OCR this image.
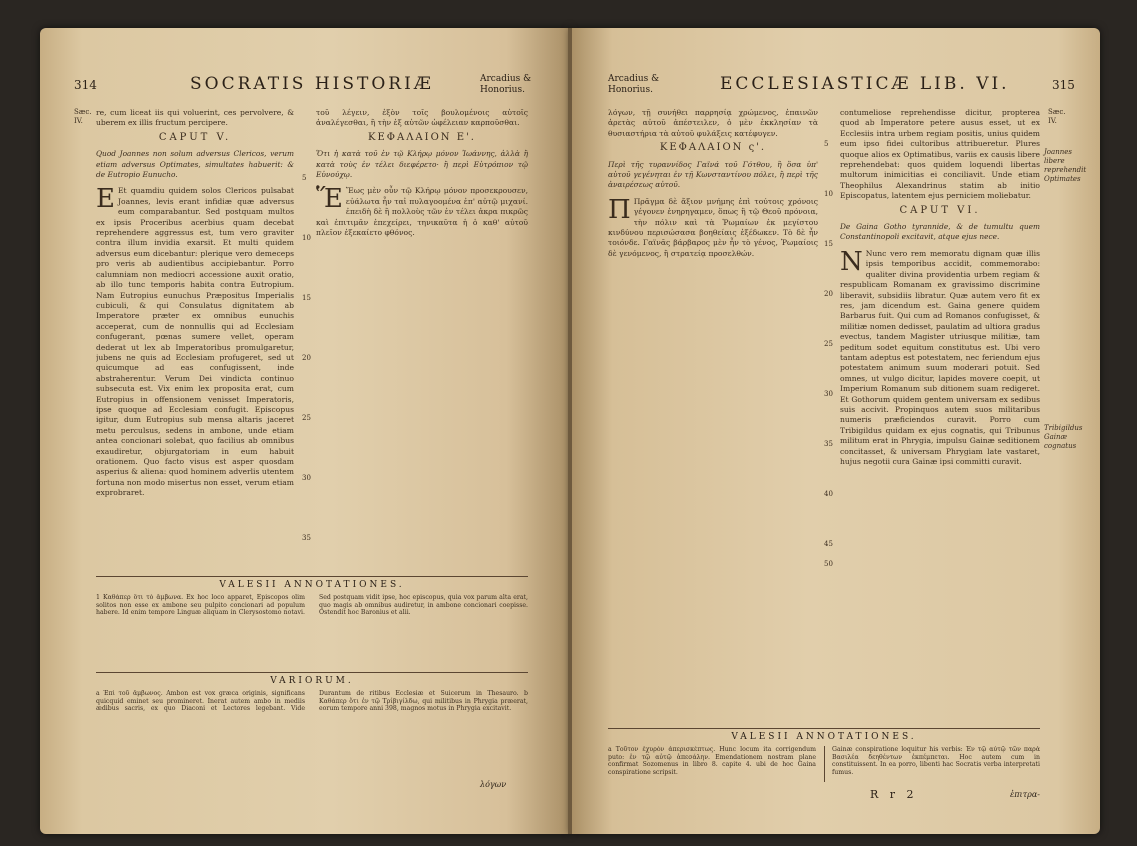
314	SOCRATIS HISTORIÆ	Arcadius & Honorius.
Sæc. IV.

re, cum liceat iis qui voluerint, ces pervolvere, & uberem ex illis fructum percipere.

CAPUT V.
Quod Joannes non solum adversus Clericos, verum etiam adversus Optimates, simultates habuerit: & de Eutropio Eunucho.

E Et quamdiu quidem solos Clericos pulsabat Joannes, levis erant infidiæ quæ adversus eum comparabantur. Sed postquam multos ex ipsis Proceribus acerbius quam decebat reprehendere aggressus est, tum vero graviter contra illum invidia exarsit. Et multi quidem adversus eum dicebantur: plerique vero demeceps pro veris ab audientibus accipiebantur. Porro calumniam non mediocri accessione auxit oratio, ab illo tunc temporis habita contra Eutropium. Nam Eutropius eunuchus Præpositus Imperialis cubiculi, & qui Consulatus dignitatem ab Imperatore præter ex omnibus eunuchis acceperat, cum de nonnullis qui ad Ecclesiam confugerant, pœnas sumere vellet, operam dederat ut lex ab Imperatoribus promulgaretur, jubens ne quis ad Ecclesiam profugeret, sed ut quicumque ad eas confugissent, inde abstraherentur. Verum Dei vindicta continuo subsecuta est. Vix enim lex proposita erat, cum Eutropius in offensionem venisset Imperatoris, ipse quoque ad Ecclesiam confugit. Episcopus igitur, dum Eutropius sub mensa altaris jaceret metu perculsus, sedens in ambone, unde etiam antea concionari solebat, quo facilius ab omnibus exaudiretur, objurgatoriam in eum habuit orationem. Quo facto visus est asper quosdam asperius & aliena: quod hominem adverlis utentem fortuna non modo misertus non esset, verum etiam exprobraret.

τοῦ λέγειν, ἐξὸν τοῖς βουλομένοις αὐτοῖς ἀναλέγεσθαι, ἢ τὴν ἐξ αὐτῶν ὠφέλειαν καρποῦσθαι.

ΚΕΦΑΛΑΙΟΝ Ε'.
Ὅτι ἡ κατὰ τοῦ ἐν τῷ Κλήρῳ μόνον Ἰωάννης, ἀλλὰ ἢ κατὰ τοὺς ἐν τέλει διεφέρετο· ἢ περὶ Εὐτρόπιον τῷ Εὐνούχῳ.

Ἕ Ἕως μὲν οὖν τῷ Κλήρῳ μόνον προσεκρουσεν, εὐάλωτα ἦν ταἰ πυλαγοομένα ἐπ' αὐτῷ μιχανί. ἐπειδὴ δὲ ἢ πολλοὺς τῶν ἐν τέλει ἀκρα πικρῶς καὶ ἐπιτιμᾶν ἐπεχείρει, τηνικαῦτα ἡ ὁ καθ' αὐτοῦ πλεῖον ἐξεκαίετο φθόνος.

5
10
15
20
25
30
35
VALESII ANNOTATIONES.
1 Καθάπερ ὅτι τὸ ἄμβωνα. Ex hoc loco apparet, Episcopos olim solitos non esse ex ambone seu pulpito concionari ad populum habere. Id enim tempore Linguæ aliquam in Clerysostomo notavi. Sed postquam vidit ipse, hoc episcopus, quia vox parum alta erat, quo magis ab omnibus audiretur, in ambone concionari coepisse. Ostendit hoc Baronius et alii.
VARIORUM.
a Ἐπὶ τοῦ ἄμβωνος. Ambon est vox græca originis, significans quicquid eminet seu promineret. Inerat autem ambo in mediis ædibus sacris, ex quo Diaconi et Lectores legebant. Vide Durantum de ritibus Ecclesiæ et Suicerum in Thesauro. b Καθάπερ ὅτι ἐν τῷ Τρίβιγίλδω, qui militibus in Phrygia præerat, eorum tempore anni 398, magnos motus in Phrygia excitavit.
λόγων
Arcadius & Honorius.	ECCLESIASTICÆ LIB. VI.	315
Sæc. IV.

λόγων, τῇ συνήθει παρρησίᾳ χρώμενος, ἐπαινῶν ἀρετὰς αὐτοῦ ἀπέστειλεν, ὁ μὲν ἐκκλησίαν τὰ θυσιαστήρια τὰ αὐτοῦ φυλάξεις κατέφυγεν.

ΚΕΦΑΛΑΙΟΝ ς'.
Περὶ τῆς τυραννίδος Γαϊνά τοῦ Γότθου, ἢ ὅσα ὑπ' αὐτοῦ γεγένηται ἐν τῇ Κωνσταντίνου πόλει, ἢ περὶ τῆς ἀναιρέσεως αὐτοῦ.

Π Πρᾶγμα δὲ ἄξιον μνήμης ἐπὶ τούτοις χρόνοις γέγονεν ἐνηρηγαμεν, ὅπως ἢ τῷ Θεοῦ πρόνοια, τὴν πόλιν καὶ τὰ Ῥωμαίων ἐκ μεγίστου κινδύνου περισώσασα βοηθείαις ἐξέδωκεν. Τὸ δὲ ἦν τοιόνδε. Γαϊνᾶς βάρβαρος μὲν ἦν τὸ γένος, Ῥωμαίοις δὲ γενόμενος, ἢ στρατείᾳ προσελθών.

contumeliose reprehendisse dicitur, propterea quod ab Imperatore petere ausus esset, ut ex Ecclesiis intra urbem regiam positis, unius quidem eum ipso fidei cultoribus attribueretur. Plures quoque alios ex Optimatibus, variis ex causis libere reprehendebat: quos quidem loquendi libertas multorum inimicitias ei conciliavit. Unde etiam Theophilus Alexandrinus statim ab initio Episcopatus, latentem ejus perniciem moliebatur.

CAPUT VI.
De Gaina Gotho tyrannide, & de tumultu quem Constantinopoli excitavit, atque ejus nece.

N Nunc vero rem memoratu dignam quæ illis ipsis temporibus accidit, commemorabo: qualiter divina providentia urbem regiam & respublicam Romanam ex gravissimo discrimine liberavit, subsidiis libratur. Quæ autem vero fit ex res, jam dicendum est. Gaina genere quidem Barbarus fuit. Qui cum ad Romanos confugisset, & militiæ nomen dedisset, paulatim ad ultiora gradus evectus, tandem Magister utriusque militiæ, tam peditum sodet equitum constitutus est. Ubi vero tantam adeptus est potestatem, nec feriendum ejus potestatem animum suum moderari potuit. Sed omnes, ut vulgo dicitur, lapides movere coepit, ut Imperium Romanum sub ditionem suam redigeret. Et Gothorum quidem gentem universam ex sedibus suis accivit. Propinquos autem suos militaribus numeris præficiendos curavit. Porro cum Tribigildus quidam ex ejus cognatis, qui Tribunus militum erat in Phrygia, impulsu Gainæ seditionem concitasset, & universam Phrygiam late vastaret, hujus negotii cura Gainæ ipsi committi curavit.

Joannes libere reprehendit Optimates
Tribigildus Gainæ cognatus
5
10
15
20
25
30
35
40
45
50
VALESII ANNOTATIONES.
a Τοῦτον ἐχυρὸν ἀπερισκέπτως. Hunc locum ita corrigendum puto: ἐν τῷ αὐτῷ ἀπεσάλην. Emendationem nostram plane confirmat Sozomenus in libro 8. capite 4. ubi de hoc Gaina conspiratione scripsit.
Gainæ conspiratione loquitur his verbis: Ἐν τῷ αὐτῷ τῶν παρὰ Βασιλέα δεηθέντων ἐκπέμπεται. Hoc autem cum in constituissent. In ea porro, libenti hac Socratis verba interpretati fumus.
R r 2	ἐπιτρα-
